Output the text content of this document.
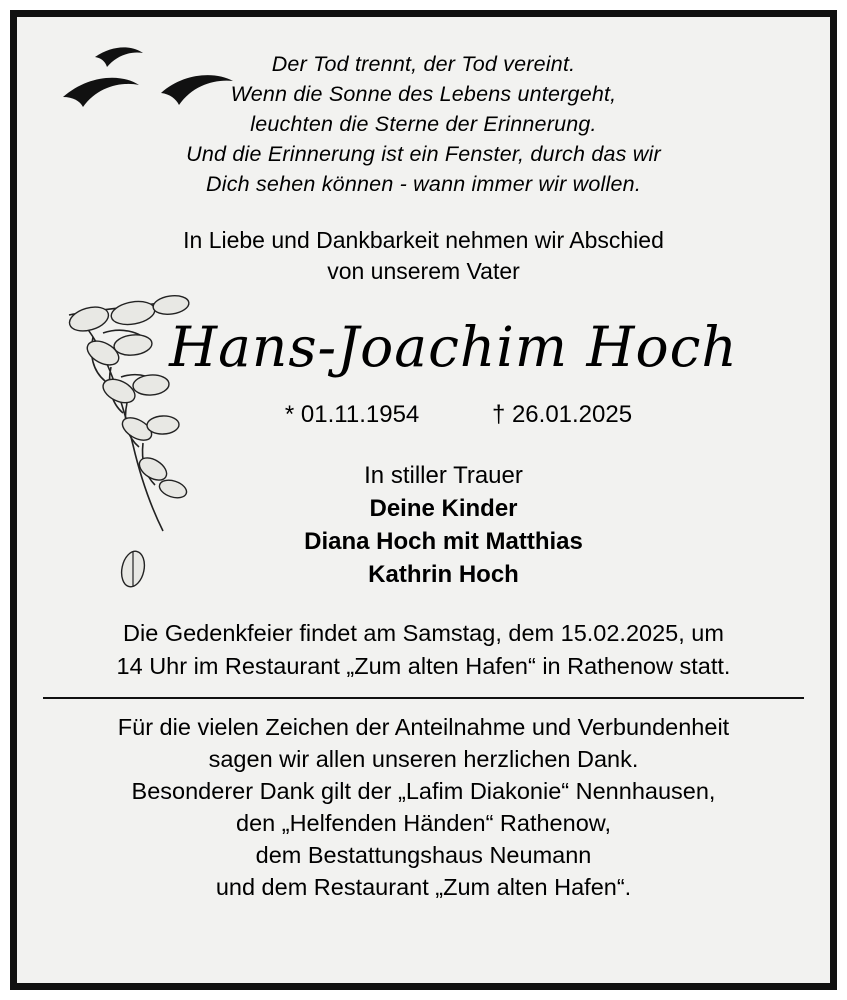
Der Tod trennt, der Tod vereint.
Wenn die Sonne des Lebens untergeht,
leuchten die Sterne der Erinnerung.
Und die Erinnerung ist ein Fenster, durch das wir
Dich sehen können - wann immer wir wollen.
In Liebe und Dankbarkeit nehmen wir Abschied
von unserem Vater
Hans-Joachim Hoch
* 01.11.1954	† 26.01.2025
In stiller Trauer
Deine Kinder
Diana Hoch mit Matthias
Kathrin Hoch
Die Gedenkfeier findet am Samstag, dem 15.02.2025, um
14 Uhr im Restaurant „Zum alten Hafen“ in Rathenow statt.
Für die vielen Zeichen der Anteilnahme und Verbundenheit
sagen wir allen unseren herzlichen Dank.
Besonderer Dank gilt der „Lafim Diakonie“ Nennhausen,
den „Helfenden Händen“ Rathenow,
dem Bestattungshaus Neumann
und dem Restaurant „Zum alten Hafen“.
